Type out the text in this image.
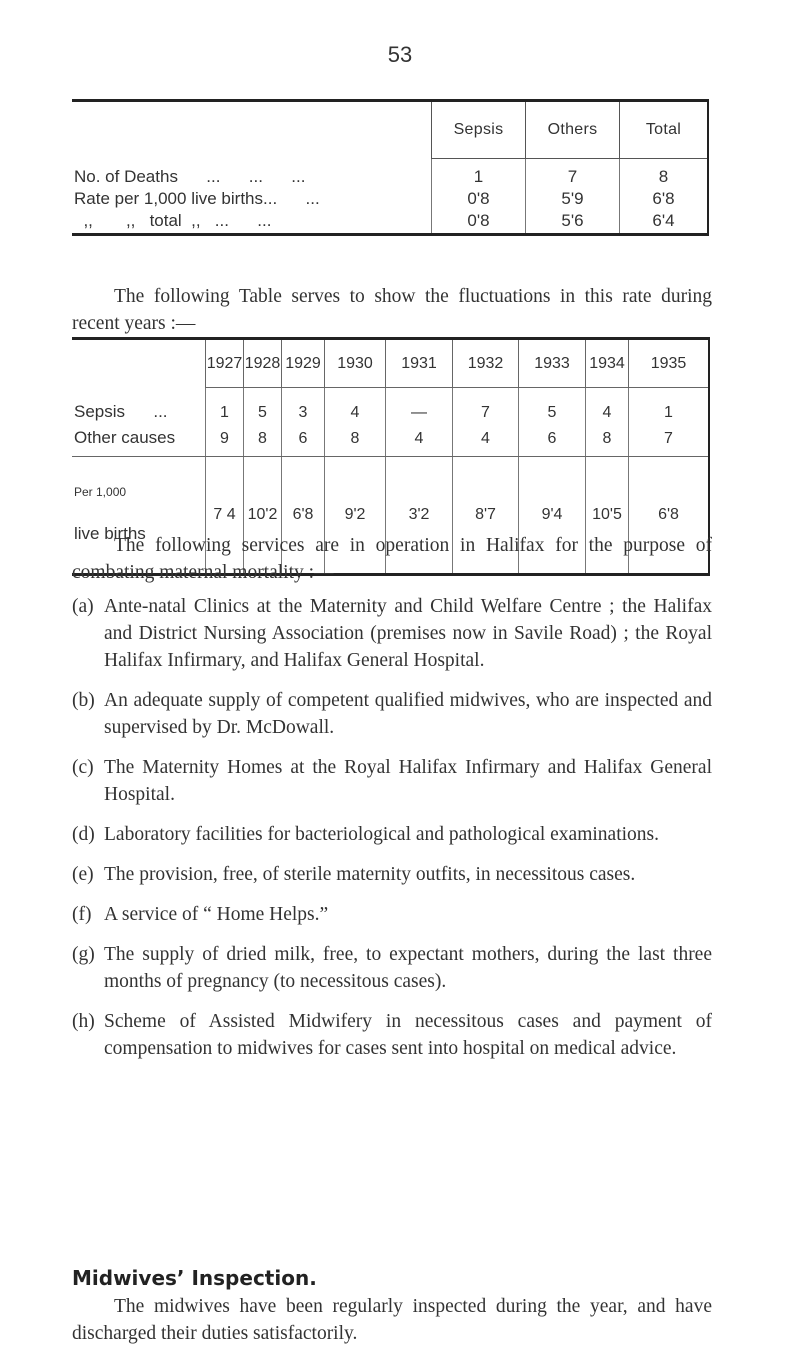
53
	Sepsis	Others	Total
No. of Deaths      ...      ...      ...	1	7	8
Rate per 1,000 live births...      ...	0'8	5'9	6'8
,,       ,,   total  ,,   ...      ...	0'8	5'6	6'4
The following Table serves to show the fluctuations in this rate during recent years :—
	1927	1928	1929	1930	1931	1932	1933	1934	1935
Sepsis      ...	1	5	3	4	—	7	5	4	1
Other causes	9	8	6	8	4	4	6	8	7

Per 1,000

live births	7 4	10'2	6'8	9'2	3'2	8'7	9'4	10'5	6'8
The following services are in operation in Halifax for the purpose of combating maternal mortality :—
(a) Ante-natal Clinics at the Maternity and Child Welfare Centre ; the Halifax and District Nursing Association (premises now in Savile Road) ; the Royal Halifax Infirmary, and Halifax General Hospital.
(b) An adequate supply of competent qualified midwives, who are inspected and supervised by Dr. McDowall.
(c) The Maternity Homes at the Royal Halifax Infirmary and Halifax General Hospital.
(d) Laboratory facilities for bacteriological and pathological examinations.
(e) The provision, free, of sterile maternity outfits, in necessitous cases.
(f) A service of “ Home Helps.”
(g) The supply of dried milk, free, to expectant mothers, during the last three months of pregnancy (to necessitous cases).
(h) Scheme of Assisted Midwifery in necessitous cases and payment of compensation to midwives for cases sent into hospital on medical advice.
Midwives’ Inspection.
The midwives have been regularly inspected during the year, and have discharged their duties satisfactorily.
